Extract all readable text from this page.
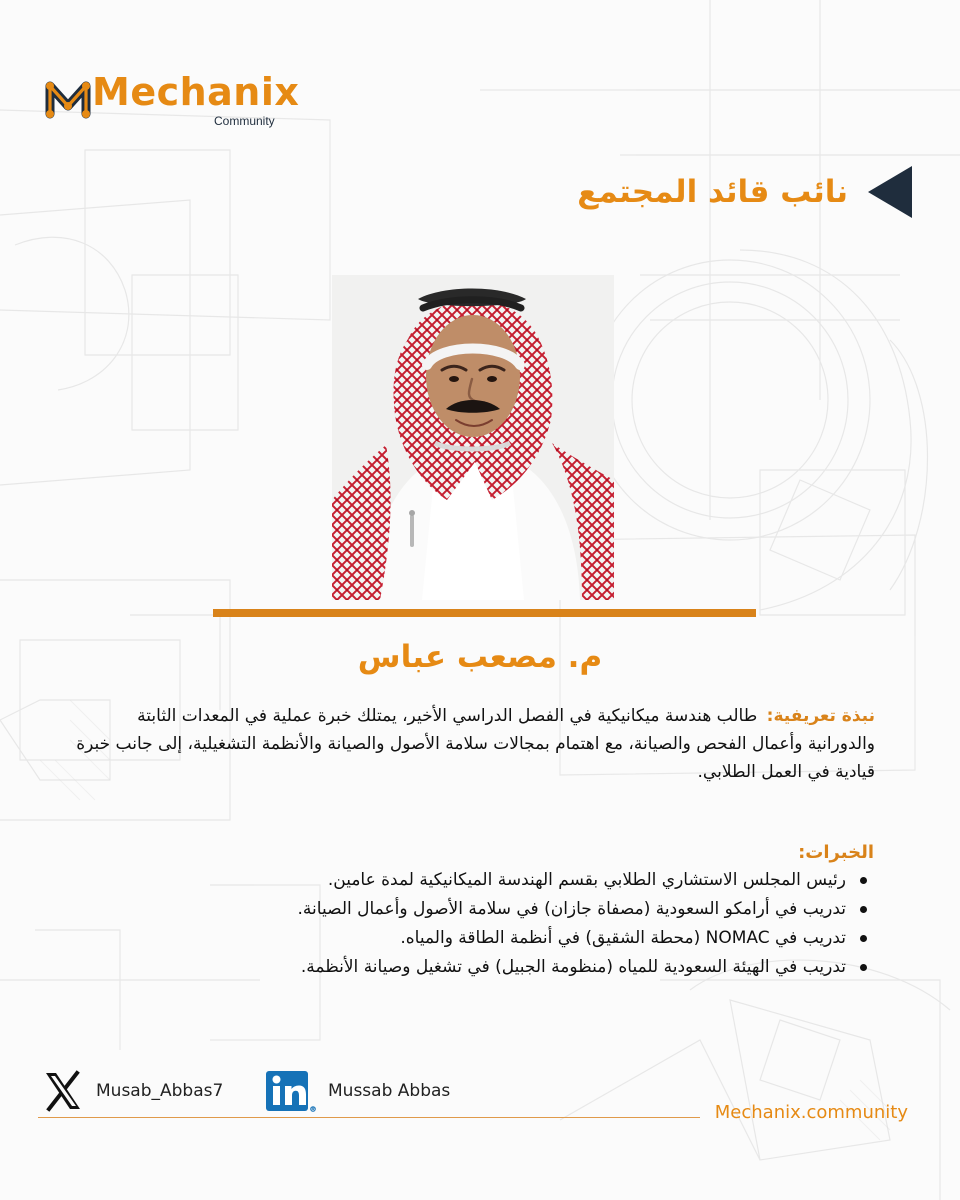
Mechanix
Community
نائب قائد المجتمع
م. مصعب عباس
نبذة تعريفية: طالب هندسة ميكانيكية في الفصل الدراسي الأخير، يمتلك خبرة عملية في المعدات الثابتة والدورانية وأعمال الفحص والصيانة، مع اهتمام بمجالات سلامة الأصول والصيانة والأنظمة التشغيلية، إلى جانب خبرة قيادية في العمل الطلابي.
الخبرات:
رئيس المجلس الاستشاري الطلابي بقسم الهندسة الميكانيكية لمدة عامين.
تدريب في أرامكو السعودية (مصفاة جازان) في سلامة الأصول وأعمال الصيانة.
تدريب في NOMAC (محطة الشقيق) في أنظمة الطاقة والمياه.
تدريب في الهيئة السعودية للمياه (منظومة الجبيل) في تشغيل وصيانة الأنظمة.
Musab_Abbas7	Mussab Abbas
Mechanix.community
